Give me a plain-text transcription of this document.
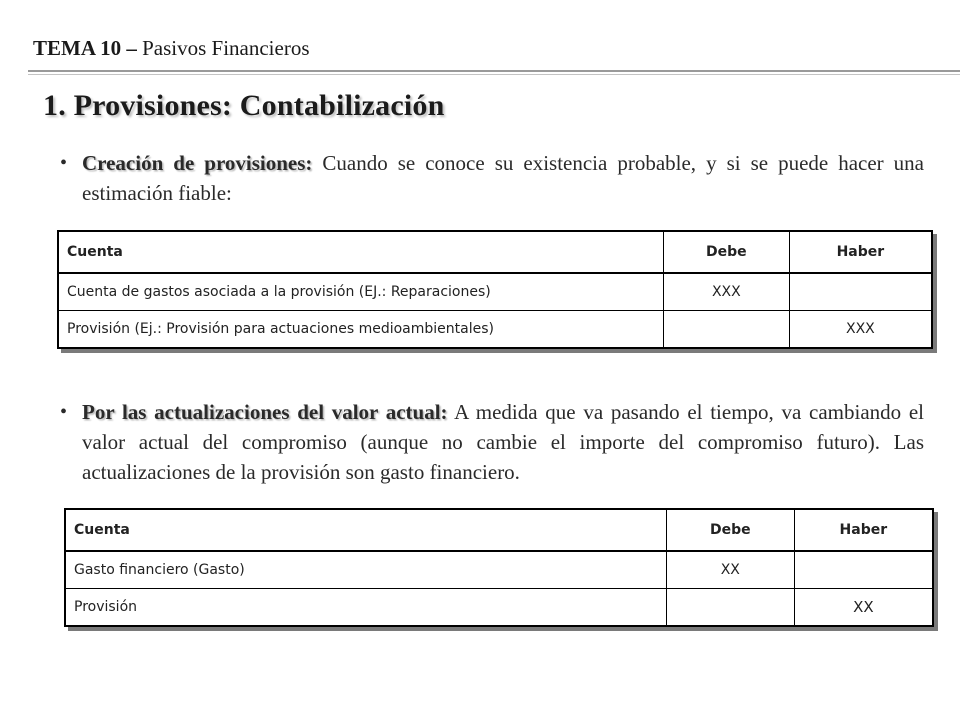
TEMA 10 – Pasivos Financieros
1. Provisiones: Contabilización
• Creación de provisiones: Cuando se conoce su existencia probable, y si se puede hacer una estimación fiable:
Cuenta	Debe	Haber
Cuenta de gastos asociada a la provisión (EJ.: Reparaciones)	XXX	
Provisión (Ej.: Provisión para actuaciones medioambientales)		XXX
• Por las actualizaciones del valor actual: A medida que va pasando el tiempo, va cambiando el valor actual del compromiso (aunque no cambie el importe del compromiso futuro). Las actualizaciones de la provisión son gasto financiero.
Cuenta	Debe	Haber
Gasto financiero (Gasto)	XX	
Provisión		XX
